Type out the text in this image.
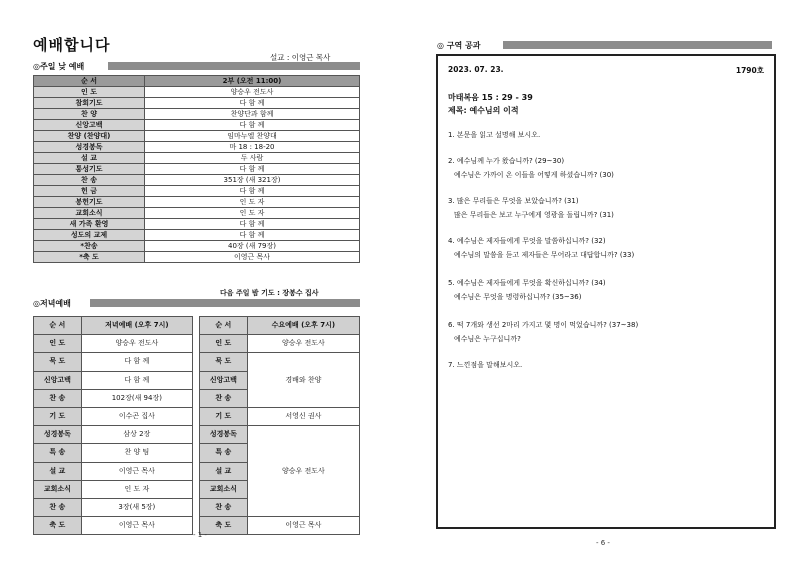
예배합니다
설교 : 이영근 목사
◎주일 낮 예배
순 서	2부 (오전 11:00)
인 도	양승우 전도사
참회기도	다 함 께
찬 양	찬양단과 함께
신앙고백	다 함 께
찬양 (찬양대)	임마누엘 찬양대
성경봉독	마 18 : 18-20
설 교	두 사람
통성기도	다 함 께
찬 송	351장 (새 321장)
헌 금	다 함 께
봉헌기도	인 도 자
교회소식	인 도 자
새 가족 환영	다 함 께
성도의 교제	다 함 께
*찬송	40장 (새 79장)
*축 도	이영근 목사
다음 주일 밤 기도 : 장봉수 집사
◎저녁예배
순 서	저녁예배 (오후 7시)
인 도	양승우 전도사
묵 도	다 함 께
신앙고백	다 함 께
찬 송	102장(새 94장)
기 도	이수곤 집사
성경봉독	삼상 2장
특 송	찬 양 팀
설 교	이영근 목사
교회소식	인 도 자
찬 송	3장(새 5장)
축 도	이영근 목사
순 서	수요예배 (오후 7시)
인 도	양승우 전도사
묵 도	경배와 찬양
신앙고백	
찬 송	
기 도	서영신 권사
성경봉독	양승우 전도사
특 송	
설 교	
교회소식	
찬 송	
축 도	이영근 목사
- 1 -
◎ 구역 공과
2023. 07. 23.	1790호
마태복음 15 : 29 - 39
제목: 예수님의 이적
1. 본문을 읽고 설명해 보시오.
2. 예수님께 누가 왔습니까? (29~30)
예수님은 가까이 온 이들을 어떻게 하셨습니까? (30)
3. 많은 무리들은 무엇을 보았습니까? (31)
많은 무리들은 보고 누구에게 영광을 돌립니까? (31)
4. 예수님은 제자들에게 무엇을 말씀하십니까? (32)
예수님의 말씀을 듣고 제자들은 무어라고 대답합니까? (33)
5. 예수님은 제자들에게 무엇을 확신하십니까? (34)
예수님은 무엇을 명령하십니까? (35~36)
6. 떡 7개와 생선 2마리 가지고 몇 명이 먹었습니까? (37~38)
예수님은 누구십니까?
7. 느낀점을 말해보시오.
- 6 -
